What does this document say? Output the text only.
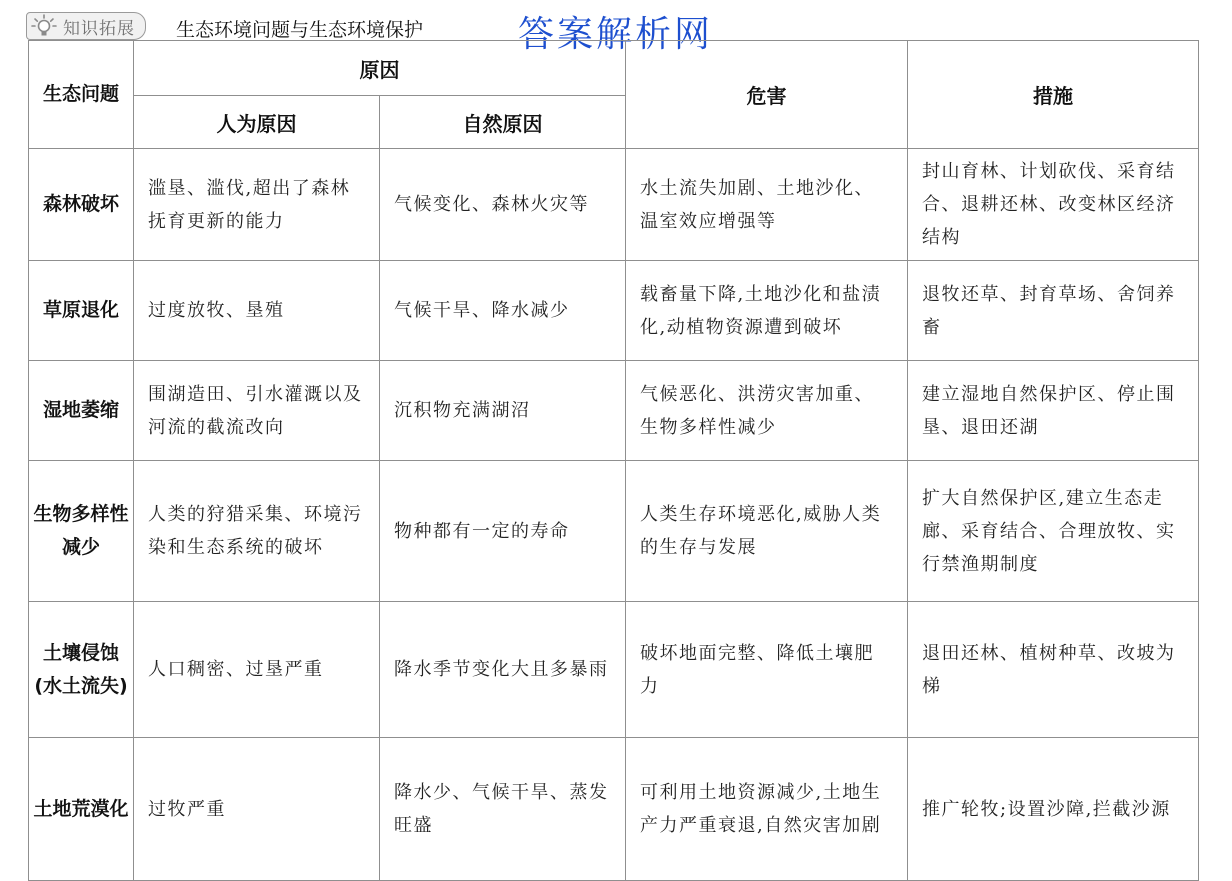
知识拓展 生态环境问题与生态环境保护	答案解析网
生态问题	原因		危害	措施
	人为原因	自然原因		
森林破坏	滥垦、滥伐,超出了森林抚育更新的能力	气候变化、森林火灾等	水土流失加剧、土地沙化、温室效应增强等	封山育林、计划砍伐、采育结合、退耕还林、改变林区经济结构
草原退化	过度放牧、垦殖	气候干旱、降水减少	载畜量下降,土地沙化和盐渍化,动植物资源遭到破坏	退牧还草、封育草场、舍饲养畜
湿地萎缩	围湖造田、引水灌溉以及河流的截流改向	沉积物充满湖沼	气候恶化、洪涝灾害加重、生物多样性减少	建立湿地自然保护区、停止围垦、退田还湖
生物多样性减少	人类的狩猎采集、环境污染和生态系统的破坏	物种都有一定的寿命	人类生存环境恶化,威胁人类的生存与发展	扩大自然保护区,建立生态走廊、采育结合、合理放牧、实行禁渔期制度
土壤侵蚀(水土流失)	人口稠密、过垦严重	降水季节变化大且多暴雨	破坏地面完整、降低土壤肥力	退田还林、植树种草、改坡为梯
土地荒漠化	过牧严重	降水少、气候干旱、蒸发旺盛	可利用土地资源减少,土地生产力严重衰退,自然灾害加剧	推广轮牧;设置沙障,拦截沙源
